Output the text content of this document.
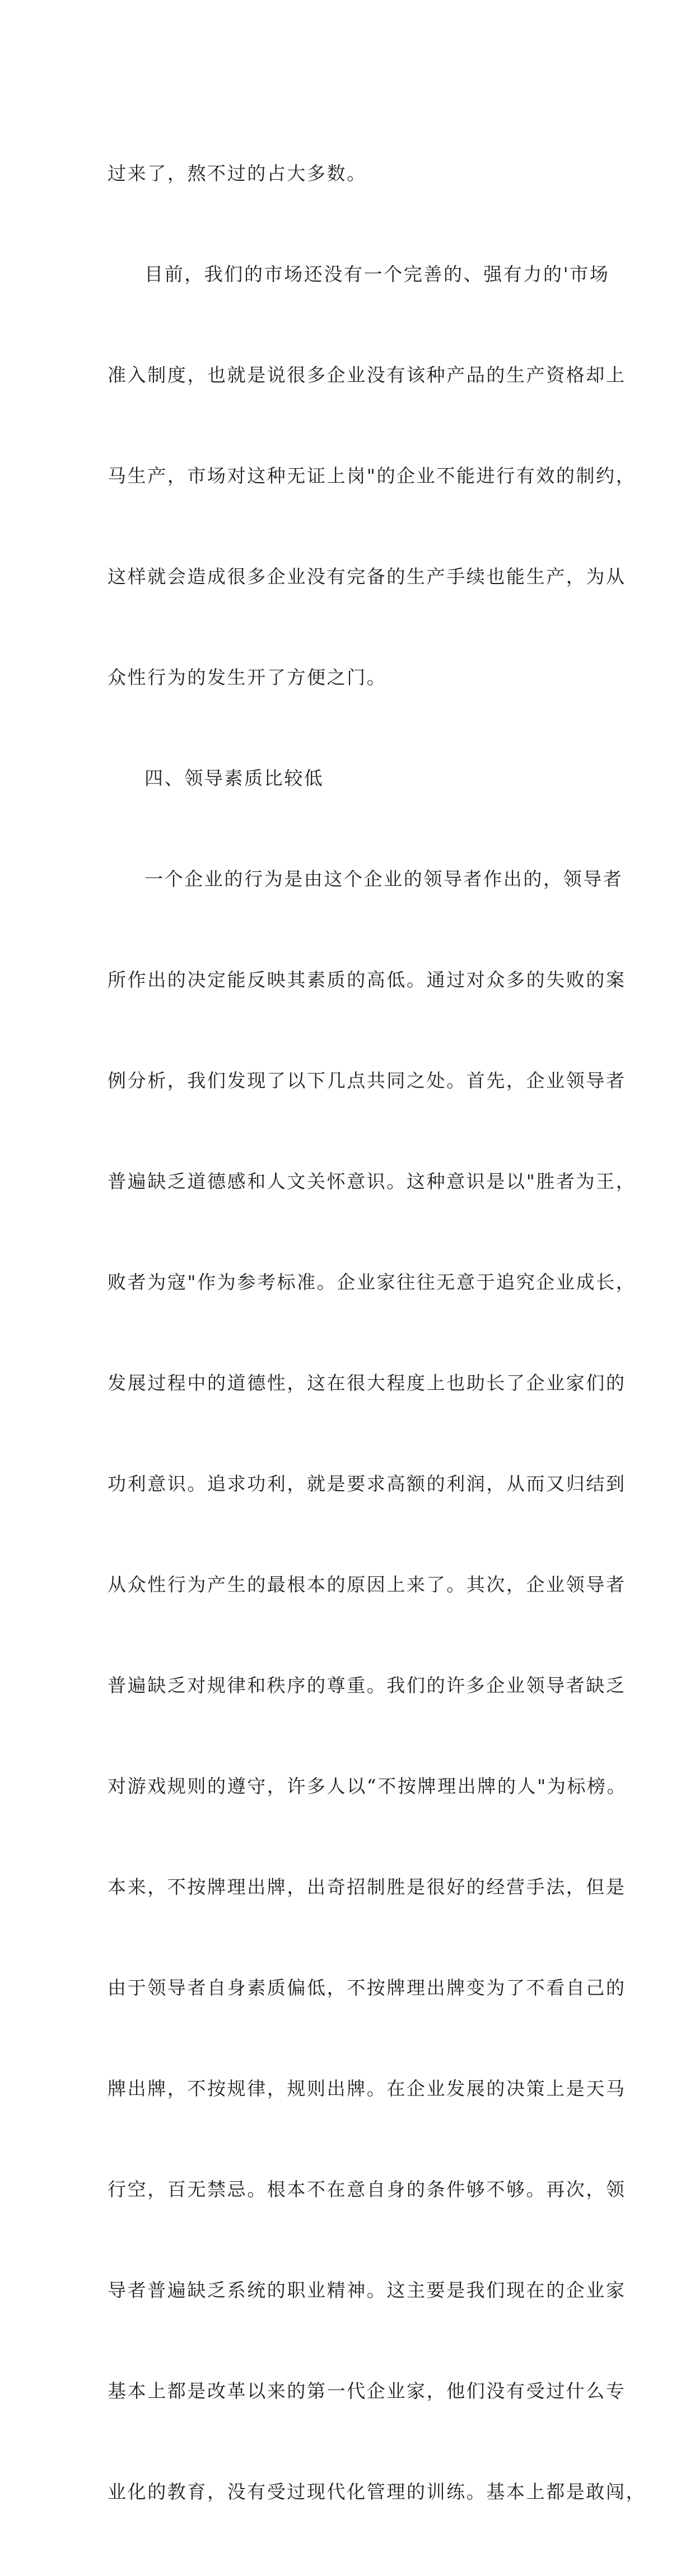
过来了，熬不过的占大多数。

目前，我们的市场还没有一个完善的、强有力的'市场

准入制度，也就是说很多企业没有该种产品的生产资格却上

马生产，市场对这种无证上岗"的企业不能进行有效的制约，

这样就会造成很多企业没有完备的生产手续也能生产，为从

众性行为的发生开了方便之门。

四、领导素质比较低

一个企业的行为是由这个企业的领导者作出的，领导者

所作出的决定能反映其素质的高低。通过对众多的失败的案

例分析，我们发现了以下几点共同之处。首先，企业领导者

普遍缺乏道德感和人文关怀意识。这种意识是以"胜者为王，

败者为寇"作为参考标准。企业家往往无意于追究企业成长，

发展过程中的道德性，这在很大程度上也助长了企业家们的

功利意识。追求功利，就是要求高额的利润，从而又归结到

从众性行为产生的最根本的原因上来了。其次，企业领导者

普遍缺乏对规律和秩序的尊重。我们的许多企业领导者缺乏

对游戏规则的遵守，许多人以“不按牌理出牌的人"为标榜。

本来，不按牌理出牌，出奇招制胜是很好的经营手法，但是

由于领导者自身素质偏低，不按牌理出牌变为了不看自己的

牌出牌，不按规律，规则出牌。在企业发展的决策上是天马

行空，百无禁忌。根本不在意自身的条件够不够。再次，领

导者普遍缺乏系统的职业精神。这主要是我们现在的企业家

基本上都是改革以来的第一代企业家，他们没有受过什么专

业化的教育，没有受过现代化管理的训练。基本上都是敢闯，
